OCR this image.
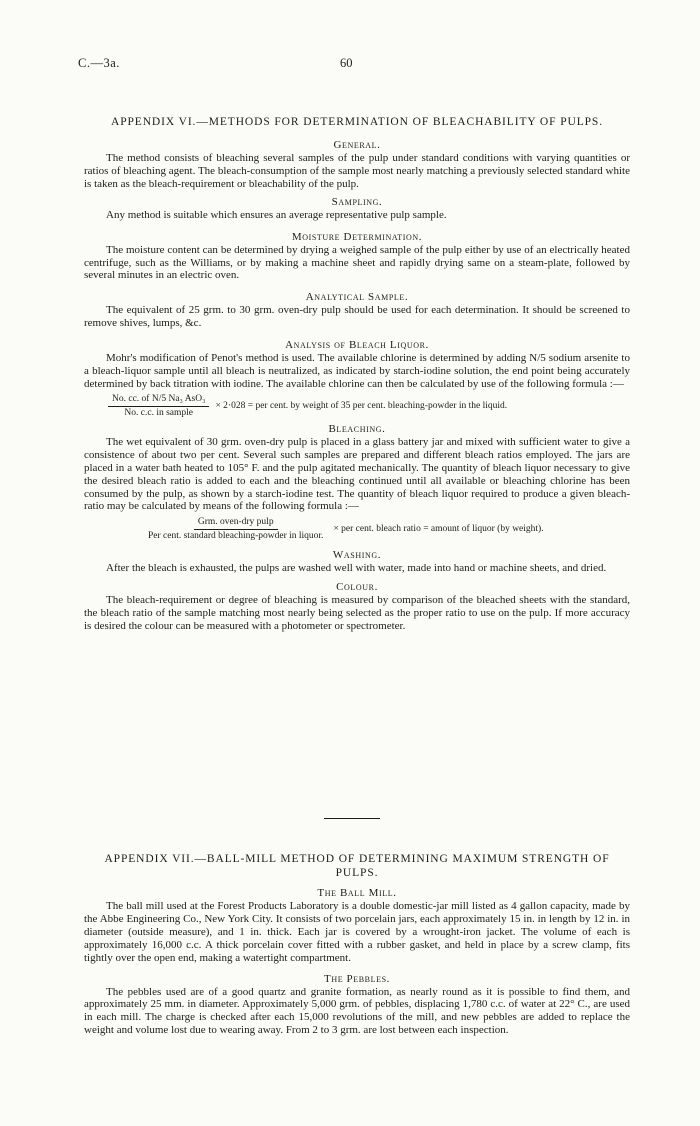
C.—3a.	60
APPENDIX VI.—METHODS FOR DETERMINATION OF BLEACHABILITY OF PULPS.
General.

The method consists of bleaching several samples of the pulp under standard conditions with varying quantities or ratios of bleaching agent. The bleach-consumption of the sample most nearly matching a previously selected standard white is taken as the bleach-requirement or bleachability of the pulp.

Sampling.

Any method is suitable which ensures an average representative pulp sample.

Moisture Determination.

The moisture content can be determined by drying a weighed sample of the pulp either by use of an electrically heated centrifuge, such as the Williams, or by making a machine sheet and rapidly drying same on a steam-plate, followed by several minutes in an electric oven.

Analytical Sample.

The equivalent of 25 grm. to 30 grm. oven-dry pulp should be used for each determination. It should be screened to remove shives, lumps, &c.

Analysis of Bleach Liquor.

Mohr's modification of Penot's method is used. The available chlorine is determined by adding N/5 sodium arsenite to a bleach-liquor sample until all bleach is neutralized, as indicated by starch-iodine solution, the end point being accurately determined by back titration with iodine. The available chlorine can then be calculated by use of the following formula :—

$\frac{\text{No. cc. of N/5 Na₃ AsO₃}}{\text{No. c.c. in sample}} \times 2\cdot 028$ = per cent. by weight of 35 per cent. bleaching-powder in the liquid.
Bleaching.

The wet equivalent of 30 grm. oven-dry pulp is placed in a glass battery jar and mixed with sufficient water to give a consistence of about two per cent. Several such samples are prepared and different bleach ratios employed. The jars are placed in a water bath heated to 105° F. and the pulp agitated mechanically. The quantity of bleach liquor necessary to give the desired bleach ratio is added to each and the bleaching continued until all available or bleaching chlorine has been consumed by the pulp, as shown by a starch-iodine test. The quantity of bleach liquor required to produce a given bleach-ratio may be calculated by means of the following formula :—

$\frac{\text{Grm. oven-dry pulp}}{\text{Per cent. standard bleaching-powder in liquor.}}$ × per cent. bleach ratio = amount of liquor (by weight).
Washing.

After the bleach is exhausted, the pulps are washed well with water, made into hand or machine sheets, and dried.

Colour.

The bleach-requirement or degree of bleaching is measured by comparison of the bleached sheets with the standard, the bleach ratio of the sample matching most nearly being selected as the proper ratio to use on the pulp. If more accuracy is desired the colour can be measured with a photometer or spectrometer.

APPENDIX VII.—BALL-MILL METHOD OF DETERMINING MAXIMUM STRENGTH OF PULPS.
The Ball Mill.

The ball mill used at the Forest Products Laboratory is a double domestic-jar mill listed as 4 gallon capacity, made by the Abbe Engineering Co., New York City. It consists of two porcelain jars, each approximately 15 in. in length by 12 in. in diameter (outside measure), and 1 in. thick. Each jar is covered by a wrought-iron jacket. The volume of each is approximately 16,000 c.c. A thick porcelain cover fitted with a rubber gasket, and held in place by a screw clamp, fits tightly over the open end, making a watertight compartment.

The Pebbles.

The pebbles used are of a good quartz and granite formation, as nearly round as it is possible to find them, and approximately 25 mm. in diameter. Approximately 5,000 grm. of pebbles, displacing 1,780 c.c. of water at 22° C., are used in each mill. The charge is checked after each 15,000 revolutions of the mill, and new pebbles are added to replace the weight and volume lost due to wearing away. From 2 to 3 grm. are lost between each inspection.
